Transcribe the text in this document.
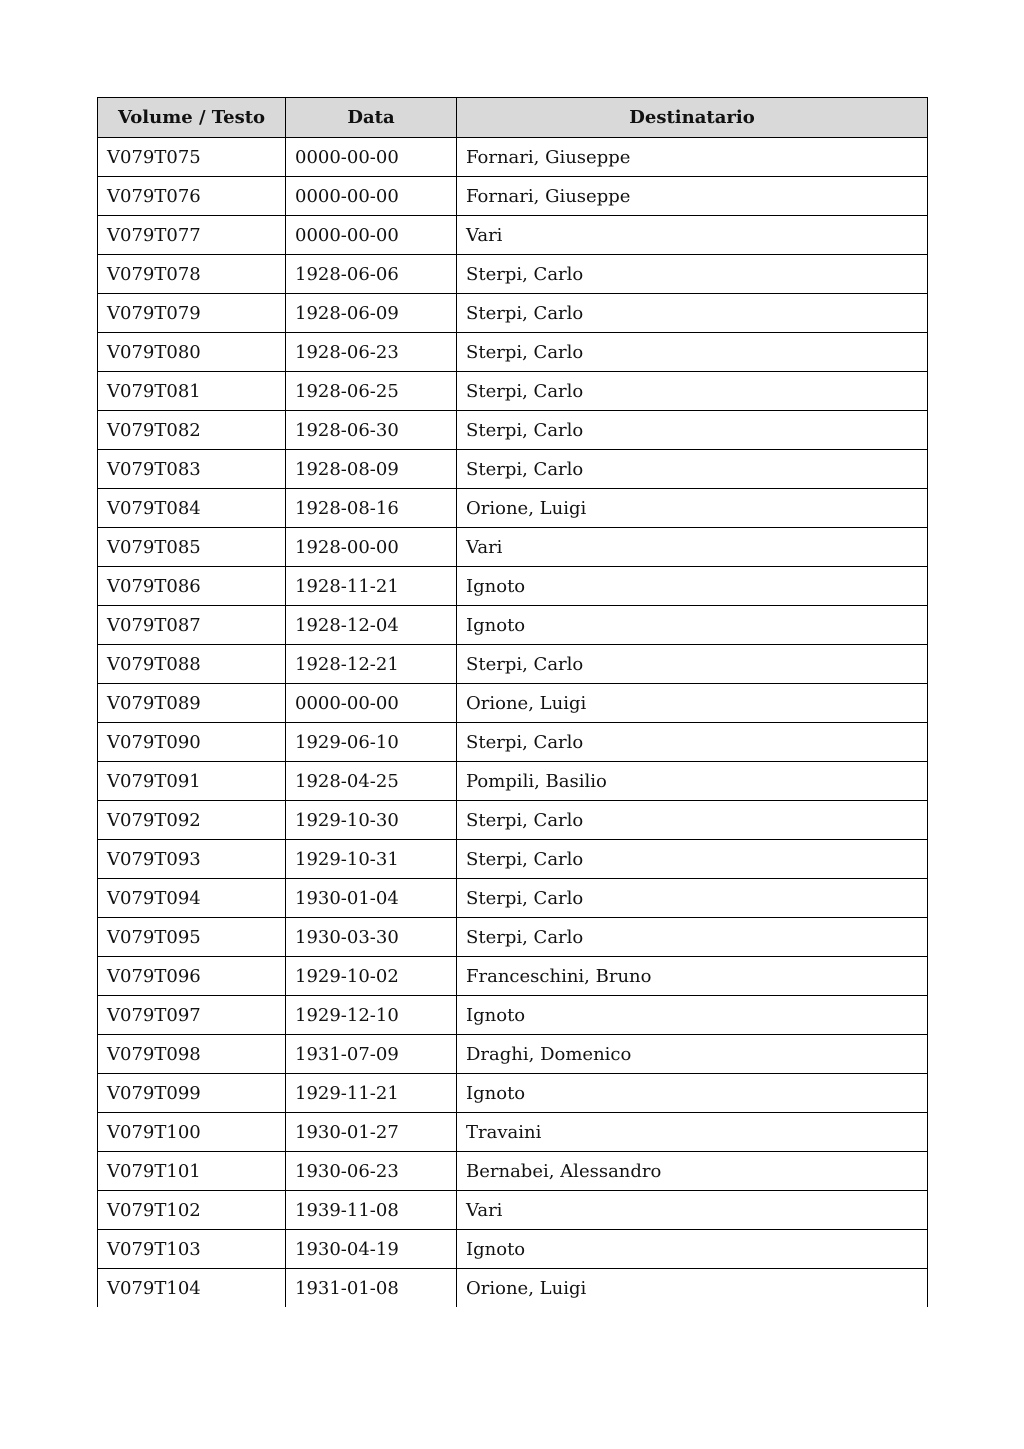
Volume / Testo	Data	Destinatario
V079T075	0000-00-00	Fornari, Giuseppe
V079T076	0000-00-00	Fornari, Giuseppe
V079T077	0000-00-00	Vari
V079T078	1928-06-06	Sterpi, Carlo
V079T079	1928-06-09	Sterpi, Carlo
V079T080	1928-06-23	Sterpi, Carlo
V079T081	1928-06-25	Sterpi, Carlo
V079T082	1928-06-30	Sterpi, Carlo
V079T083	1928-08-09	Sterpi, Carlo
V079T084	1928-08-16	Orione, Luigi
V079T085	1928-00-00	Vari
V079T086	1928-11-21	Ignoto
V079T087	1928-12-04	Ignoto
V079T088	1928-12-21	Sterpi, Carlo
V079T089	0000-00-00	Orione, Luigi
V079T090	1929-06-10	Sterpi, Carlo
V079T091	1928-04-25	Pompili, Basilio
V079T092	1929-10-30	Sterpi, Carlo
V079T093	1929-10-31	Sterpi, Carlo
V079T094	1930-01-04	Sterpi, Carlo
V079T095	1930-03-30	Sterpi, Carlo
V079T096	1929-10-02	Franceschini, Bruno
V079T097	1929-12-10	Ignoto
V079T098	1931-07-09	Draghi, Domenico
V079T099	1929-11-21	Ignoto
V079T100	1930-01-27	Travaini
V079T101	1930-06-23	Bernabei, Alessandro
V079T102	1939-11-08	Vari
V079T103	1930-04-19	Ignoto
V079T104	1931-01-08	Orione, Luigi
